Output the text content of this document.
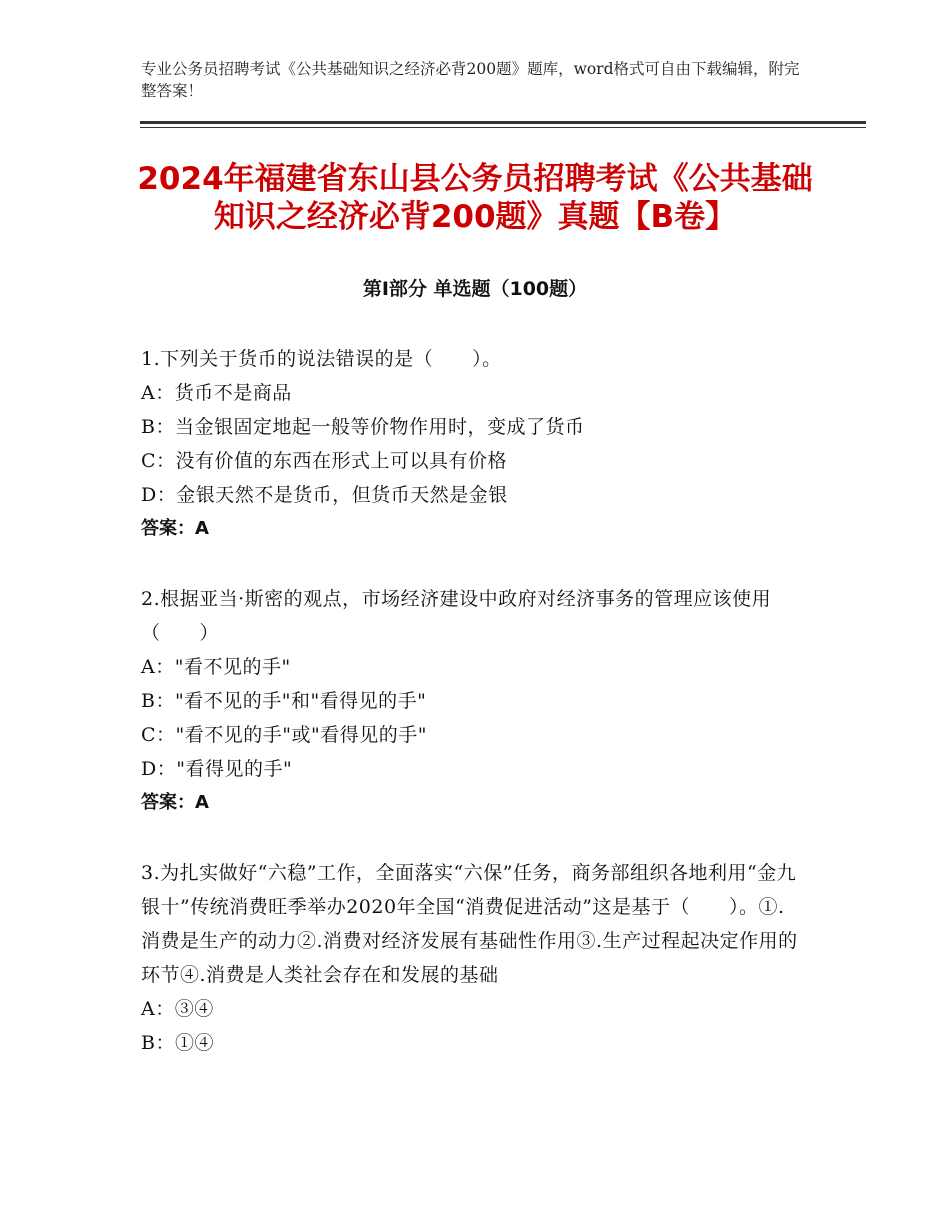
专业公务员招聘考试《公共基础知识之经济必背200题》题库，word格式可自由下载编辑，附完整答案！
2024年福建省东山县公务员招聘考试《公共基础知识之经济必背200题》真题【B卷】
第Ⅰ部分 单选题（100题）
1.下列关于货币的说法错误的是（　　）。
A：货币不是商品
B：当金银固定地起一般等价物作用时，变成了货币
C：没有价值的东西在形式上可以具有价格
D：金银天然不是货币，但货币天然是金银
答案：A
2.根据亚当·斯密的观点，市场经济建设中政府对经济事务的管理应该使用（　　）
A："看不见的手"
B："看不见的手"和"看得见的手"
C："看不见的手"或"看得见的手"
D："看得见的手"
答案：A
3.为扎实做好“六稳”工作，全面落实“六保”任务，商务部组织各地利用“金九银十”传统消费旺季举办2020年全国“消费促进活动”这是基于（　　）。①.消费是生产的动力②.消费对经济发展有基础性作用③.生产过程起决定作用的环节④.消费是人类社会存在和发展的基础
A：③④
B：①④
